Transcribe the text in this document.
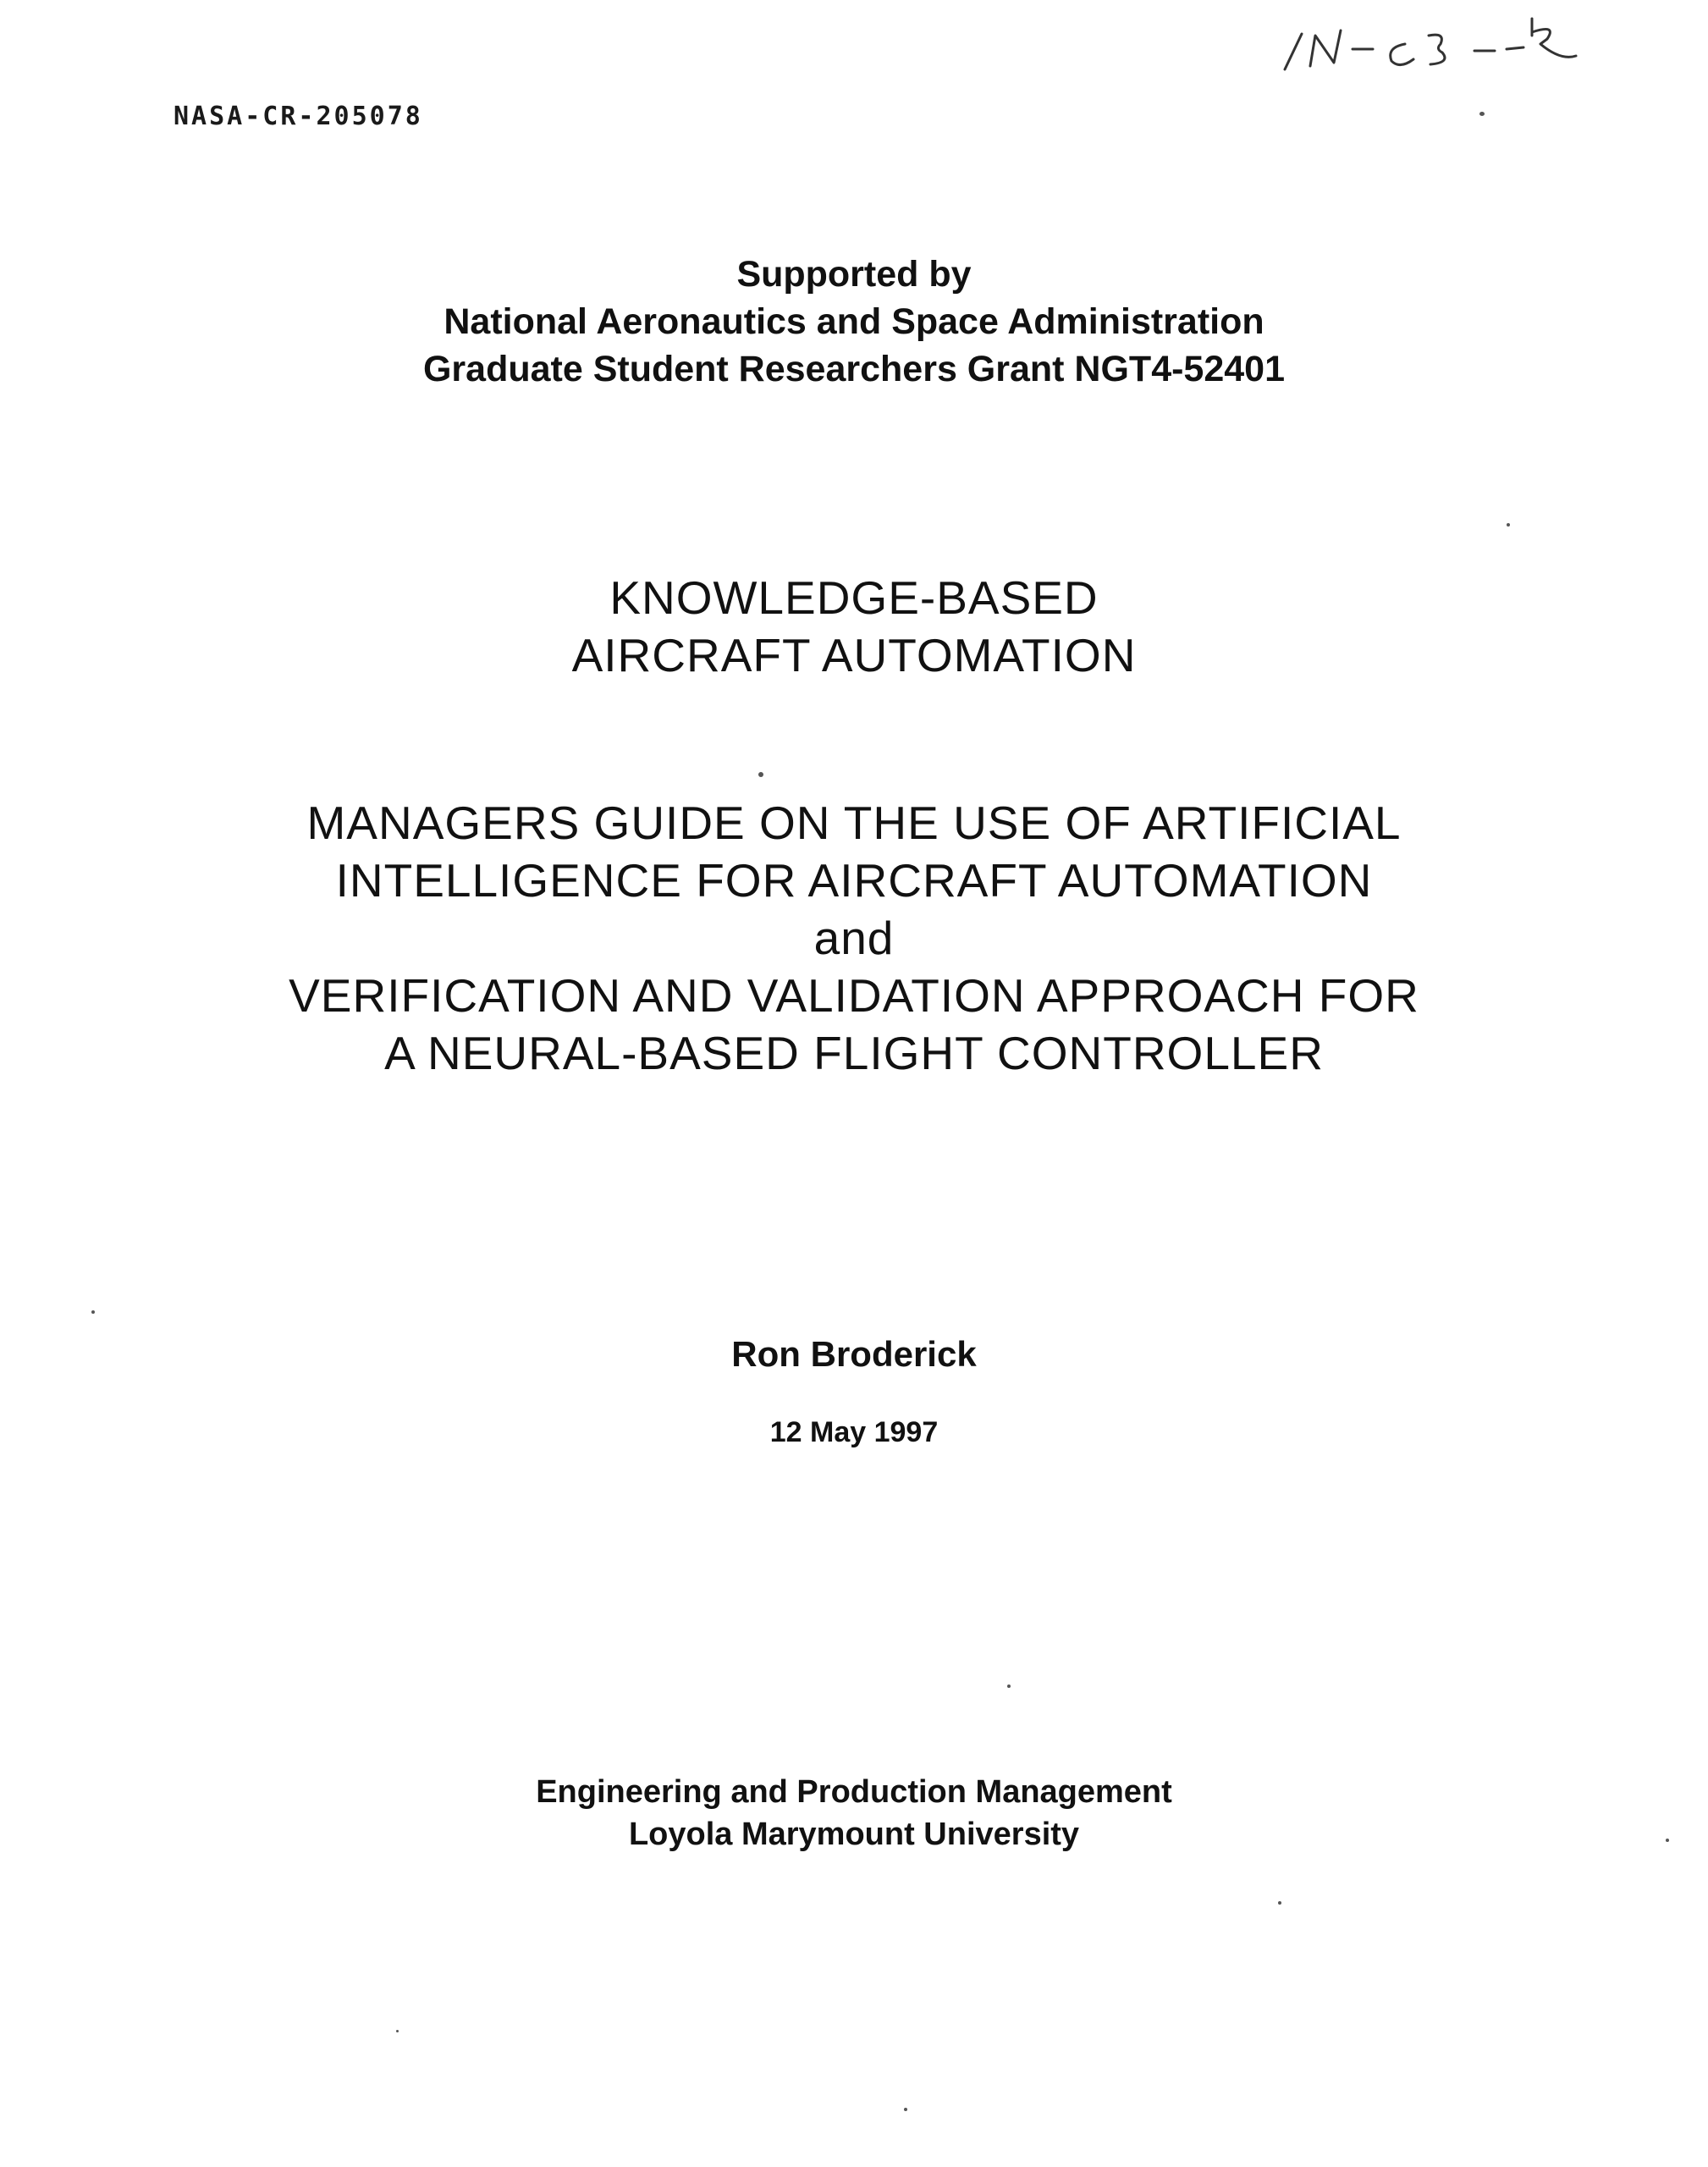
NASA-CR-205078
Supported by
National Aeronautics and Space Administration
Graduate Student Researchers Grant NGT4-52401
KNOWLEDGE-BASED
AIRCRAFT AUTOMATION
MANAGERS GUIDE ON THE USE OF ARTIFICIAL
INTELLIGENCE FOR AIRCRAFT AUTOMATION
and
VERIFICATION AND VALIDATION APPROACH FOR
A NEURAL-BASED FLIGHT CONTROLLER
Ron Broderick
12 May 1997
Engineering and Production Management
Loyola Marymount University
